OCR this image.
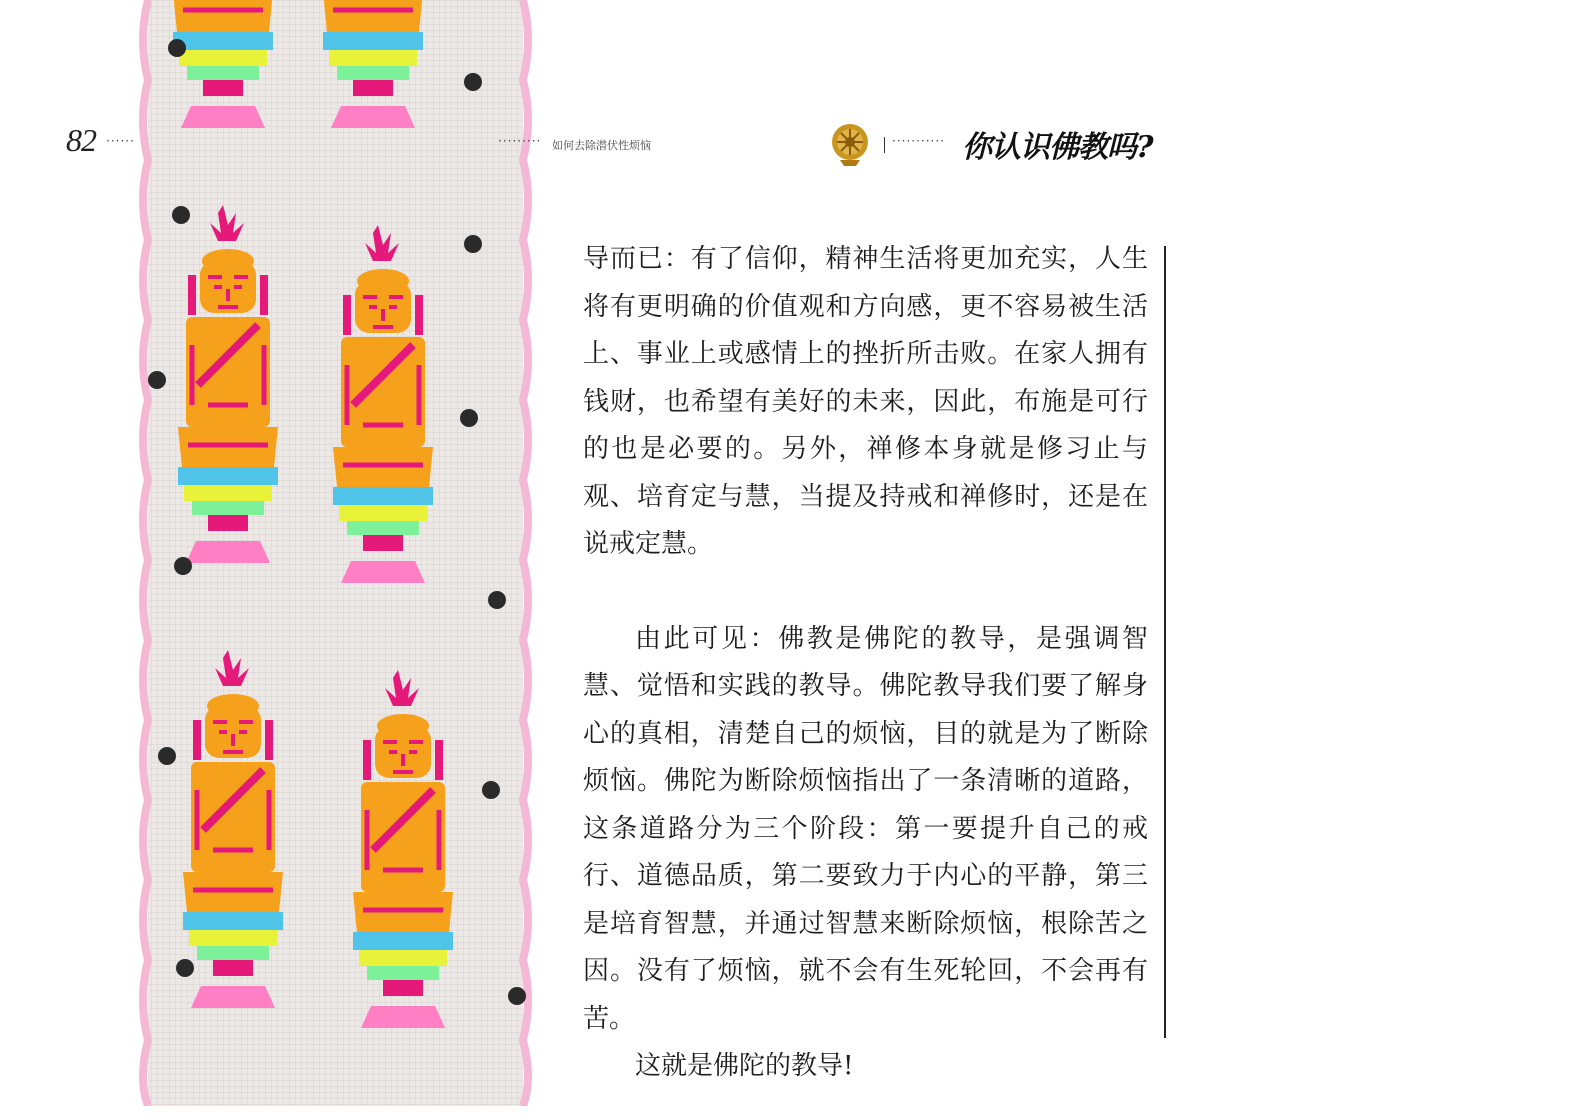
82 ······	········· 如何去除潜伏性烦恼	··········· 你认识佛教吗?

导而已：有了信仰，精神生活将更加充实，人生将有更明确的价值观和方向感，更不容易被生活上、事业上或感情上的挫折所击败。在家人拥有钱财，也希望有美好的未来，因此，布施是可行的也是必要的。另外，禅修本身就是修习止与观、培育定与慧，当提及持戒和禅修时，还是在说戒定慧。

由此可见：佛教是佛陀的教导，是强调智慧、觉悟和实践的教导。佛陀教导我们要了解身心的真相，清楚自己的烦恼，目的就是为了断除烦恼。佛陀为断除烦恼指出了一条清晰的道路，这条道路分为三个阶段：第一要提升自己的戒行、道德品质，第二要致力于内心的平静，第三是培育智慧，并通过智慧来断除烦恼，根除苦之因。没有了烦恼，就不会有生死轮回，不会再有苦。

这就是佛陀的教导!
